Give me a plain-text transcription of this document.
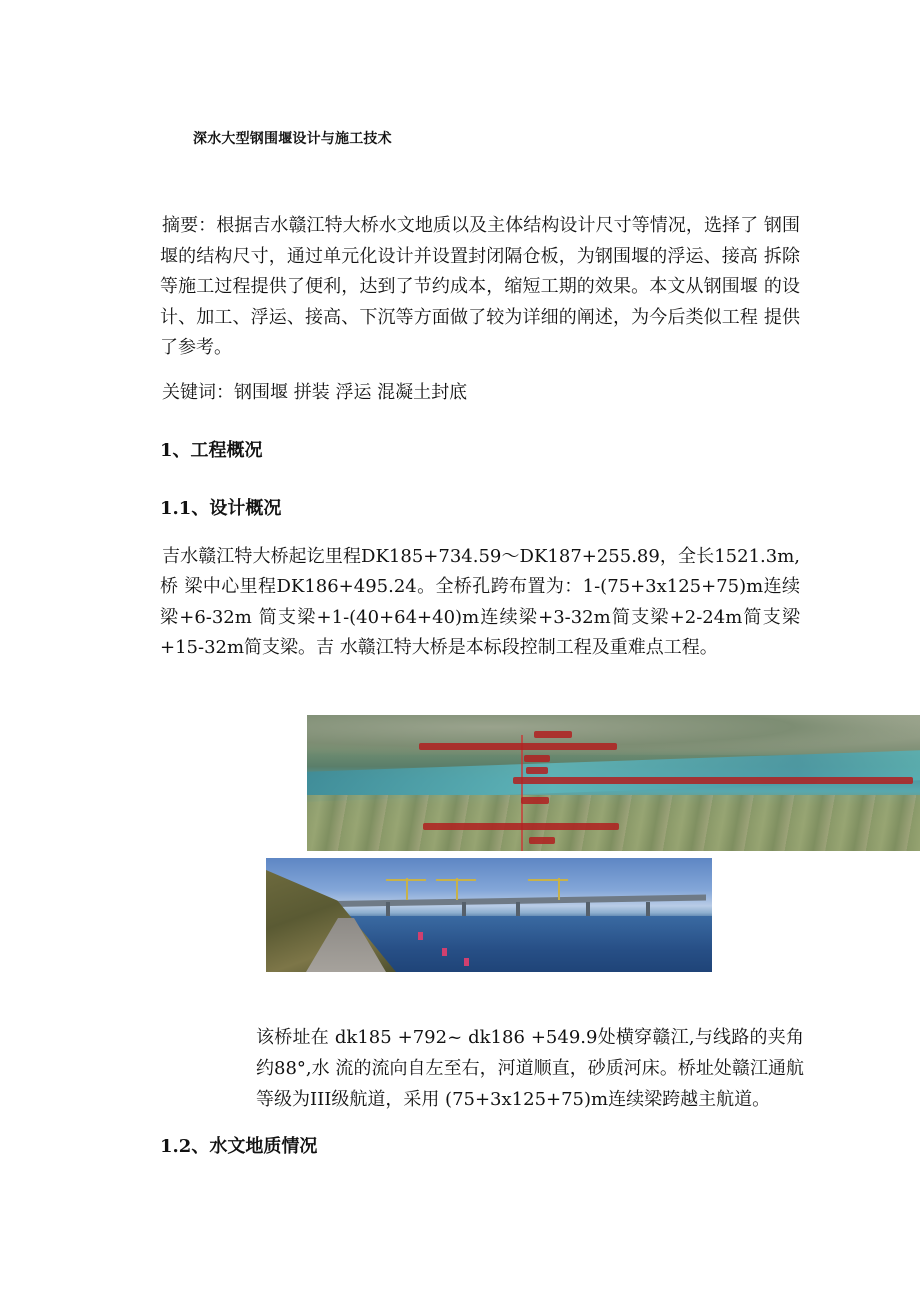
深水大型钢围堰设计与施工技术
摘要：根据吉水赣江特大桥水文地质以及主体结构设计尺寸等情况，选择了 钢围堰的结构尺寸，通过单元化设计并设置封闭隔仓板，为钢围堰的浮运、接高 拆除等施工过程提供了便利，达到了节约成本，缩短工期的效果。本文从钢围堰 的设计、加工、浮运、接高、下沉等方面做了较为详细的阐述，为今后类似工程 提供了参考。
关键词：钢围堰 拼装 浮运 混凝土封底
1、工程概况
1.1、设计概况
吉水赣江特大桥起讫里程DK185+734.59～DK187+255.89，全长1521.3m,桥 梁中心里程DK186+495.24。全桥孔跨布置为：1-(75+3x125+75)m连续梁+6-32m 简支梁+1-(40+64+40)m连续梁+3-32m简支梁+2-24m简支梁+15-32m简支梁。吉 水赣江特大桥是本标段控制工程及重难点工程。
该桥址在 dk185 +792~ dk186 +549.9处横穿赣江,与线路的夹角约88°,水 流的流向自左至右，河道顺直，砂质河床。桥址处赣江通航等级为III级航道，采用 (75+3x125+75)m连续梁跨越主航道。
1.2、水文地质情况
